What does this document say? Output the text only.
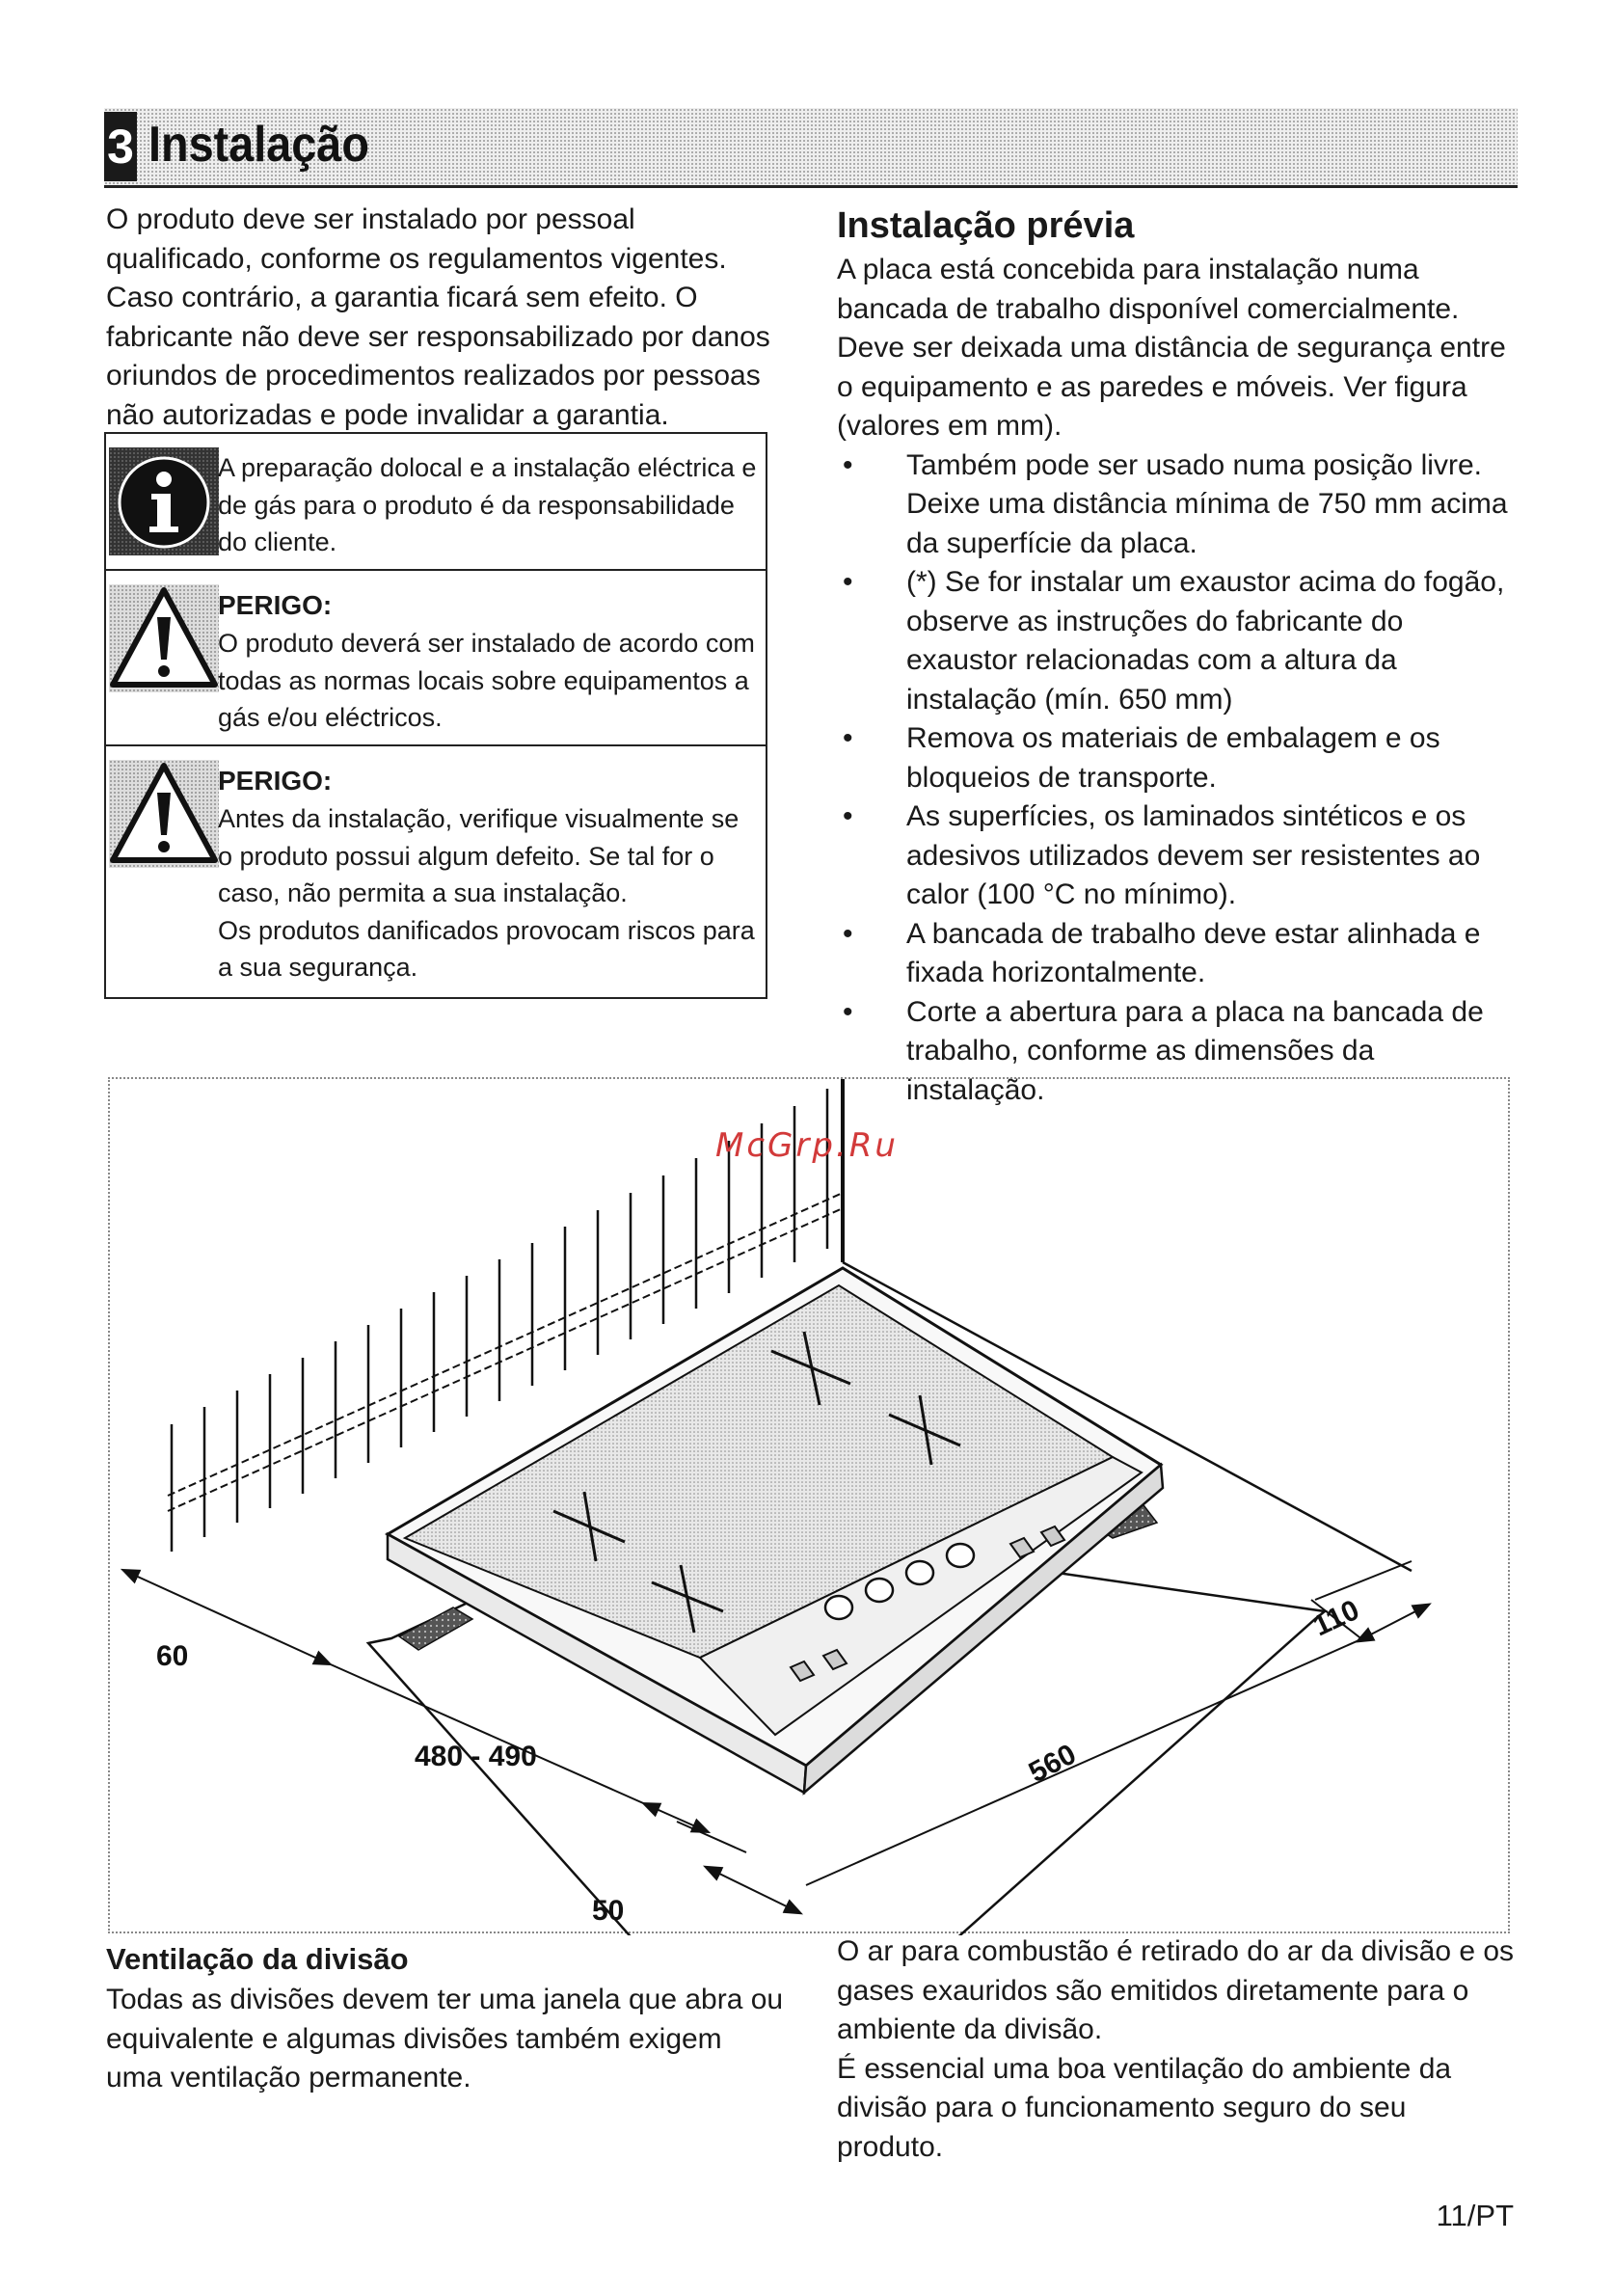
3 Instalação

O produto deve ser instalado por pessoal qualificado, conforme os regulamentos vigentes. Caso contrário, a garantia ficará sem efeito. O fabricante não deve ser responsabilizado por danos oriundos de procedimentos realizados por pessoas não autorizadas e pode invalidar a garantia.

A preparação dolocal e a instalação eléctrica e de gás para o produto é da responsabilidade do cliente.
PERIGO:
O produto deverá ser instalado de acordo com todas as normas locais sobre equipamentos a gás e/ou eléctricos.
PERIGO:
Antes da instalação, verifique visualmente se o produto possui algum defeito. Se tal for o caso, não permita a sua instalação.
Os produtos danificados provocam riscos para a sua segurança.
Instalação prévia

A placa está concebida para instalação numa bancada de trabalho disponível comercialmente. Deve ser deixada uma distância de segurança entre o equipamento e as paredes e móveis. Ver figura (valores em mm).

• Também pode ser usado numa posição livre. Deixe uma distância mínima de 750 mm acima da superfície da placa.
• (*) Se for instalar um exaustor acima do fogão, observe as instruções do fabricante do exaustor relacionadas com a altura da instalação (mín. 650 mm)
• Remova os materiais de embalagem e os bloqueios de transporte.
• As superfícies, os laminados sintéticos e os adesivos utilizados devem ser resistentes ao calor (100 °C no mínimo).
• A bancada de trabalho deve estar alinhada e fixada horizontalmente.
• Corte a abertura para a placa na bancada de trabalho, conforme as dimensões da instalação.
60
480 - 490
50
560
110
McGrp.Ru
Ventilação da divisão

Todas as divisões devem ter uma janela que abra ou equivalente e algumas divisões também exigem uma ventilação permanente.

O ar para combustão é retirado do ar da divisão e os gases exauridos são emitidos diretamente para o ambiente da divisão.

É essencial uma boa ventilação do ambiente da divisão para o funcionamento seguro do seu produto.

11/PT
